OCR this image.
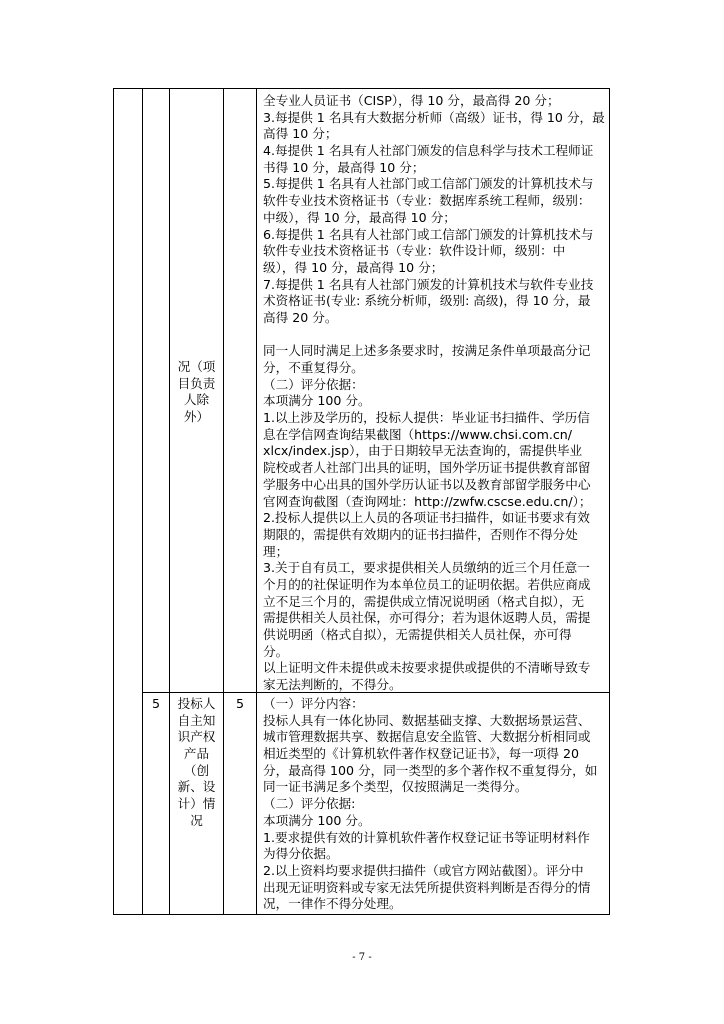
况（项
目负责
人除
外）
全专业人员证书（CISP），得 10 分，最高得 20 分；
3.每提供 1 名具有大数据分析师（高级）证书，得 10 分，最
高得 10 分；
4.每提供 1 名具有人社部门颁发的信息科学与技术工程师证
书得 10 分，最高得 10 分；
5.每提供 1 名具有人社部门或工信部门颁发的计算机技术与
软件专业技术资格证书（专业：数据库系统工程师，级别：
中级），得 10 分，最高得 10 分；
6.每提供 1 名具有人社部门或工信部门颁发的计算机技术与
软件专业技术资格证书（专业：软件设计师，级别：中
级），得 10 分，最高得 10 分；
7.每提供 1 名具有人社部门颁发的计算机技术与软件专业技
术资格证书(专业: 系统分析师，级别: 高级)，得 10 分，最
高得 20 分。
同一人同时满足上述多条要求时，按满足条件单项最高分记
分，不重复得分。
（二）评分依据：
本项满分 100 分。
1.以上涉及学历的，投标人提供：毕业证书扫描件、学历信
息在学信网查询结果截图（https://www.chsi.com.cn/
xlcx/index.jsp），由于日期较早无法查询的，需提供毕业
院校或者人社部门出具的证明，国外学历证书提供教育部留
学服务中心出具的国外学历认证书以及教育部留学服务中心
官网查询截图（查询网址：http://zwfw.cscse.edu.cn/）；
2.投标人提供以上人员的各项证书扫描件，如证书要求有效
期限的，需提供有效期内的证书扫描件，否则作不得分处
理；
3.关于自有员工，要求提供相关人员缴纳的近三个月任意一
个月的的社保证明作为本单位员工的证明依据。若供应商成
立不足三个月的，需提供成立情况说明函（格式自拟），无
需提供相关人员社保，亦可得分；若为退休返聘人员，需提
供说明函（格式自拟），无需提供相关人员社保，亦可得
分。
以上证明文件未提供或未按要求提供或提供的不清晰导致专
家无法判断的，不得分。
5	投标人
自主知
识产权
产品
（创
新、设
计）情
况
5	（一）评分内容：
投标人具有一体化协同、数据基础支撑、大数据场景运营、
城市管理数据共享、数据信息安全监管、大数据分析相同或
相近类型的《计算机软件著作权登记证书》，每一项得 20
分，最高得 100 分，同一类型的多个著作权不重复得分，如
同一证书满足多个类型，仅按照满足一类得分。
（二）评分依据:
本项满分 100 分。
1.要求提供有效的计算机软件著作权登记证书等证明材料作
为得分依据。
2.以上资料均要求提供扫描件（或官方网站截图）。评分中
出现无证明资料或专家无法凭所提供资料判断是否得分的情
况，一律作不得分处理。
- 7 -
